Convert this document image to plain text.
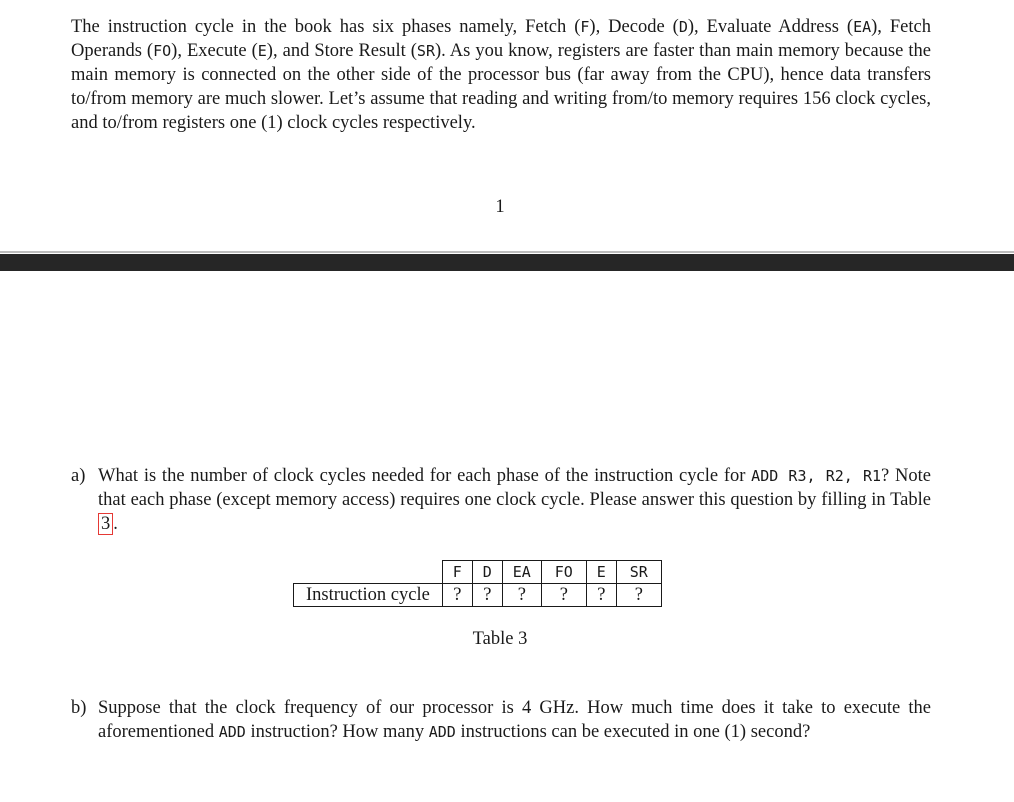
The instruction cycle in the book has six phases namely, Fetch (F), Decode (D), Evaluate Address (EA), Fetch Operands (FO), Execute (E), and Store Result (SR). As you know, registers are faster than main memory because the main memory is connected on the other side of the processor bus (far away from the CPU), hence data transfers to/from memory are much slower. Let’s assume that reading and writing from/to memory requires 156 clock cycles, and to/from registers one (1) clock cycles respectively.
1
a) What is the number of clock cycles needed for each phase of the instruction cycle for ADD R3, R2, R1? Note that each phase (except memory access) requires one clock cycle. Please answer this question by filling in Table 3 .
	F	D	EA	FO	E	SR
Instruction cycle	?	?	?	?	?	?
Table 3
b) Suppose that the clock frequency of our processor is 4 GHz. How much time does it take to execute the aforementioned ADD instruction? How many ADD instructions can be executed in one (1) second?
